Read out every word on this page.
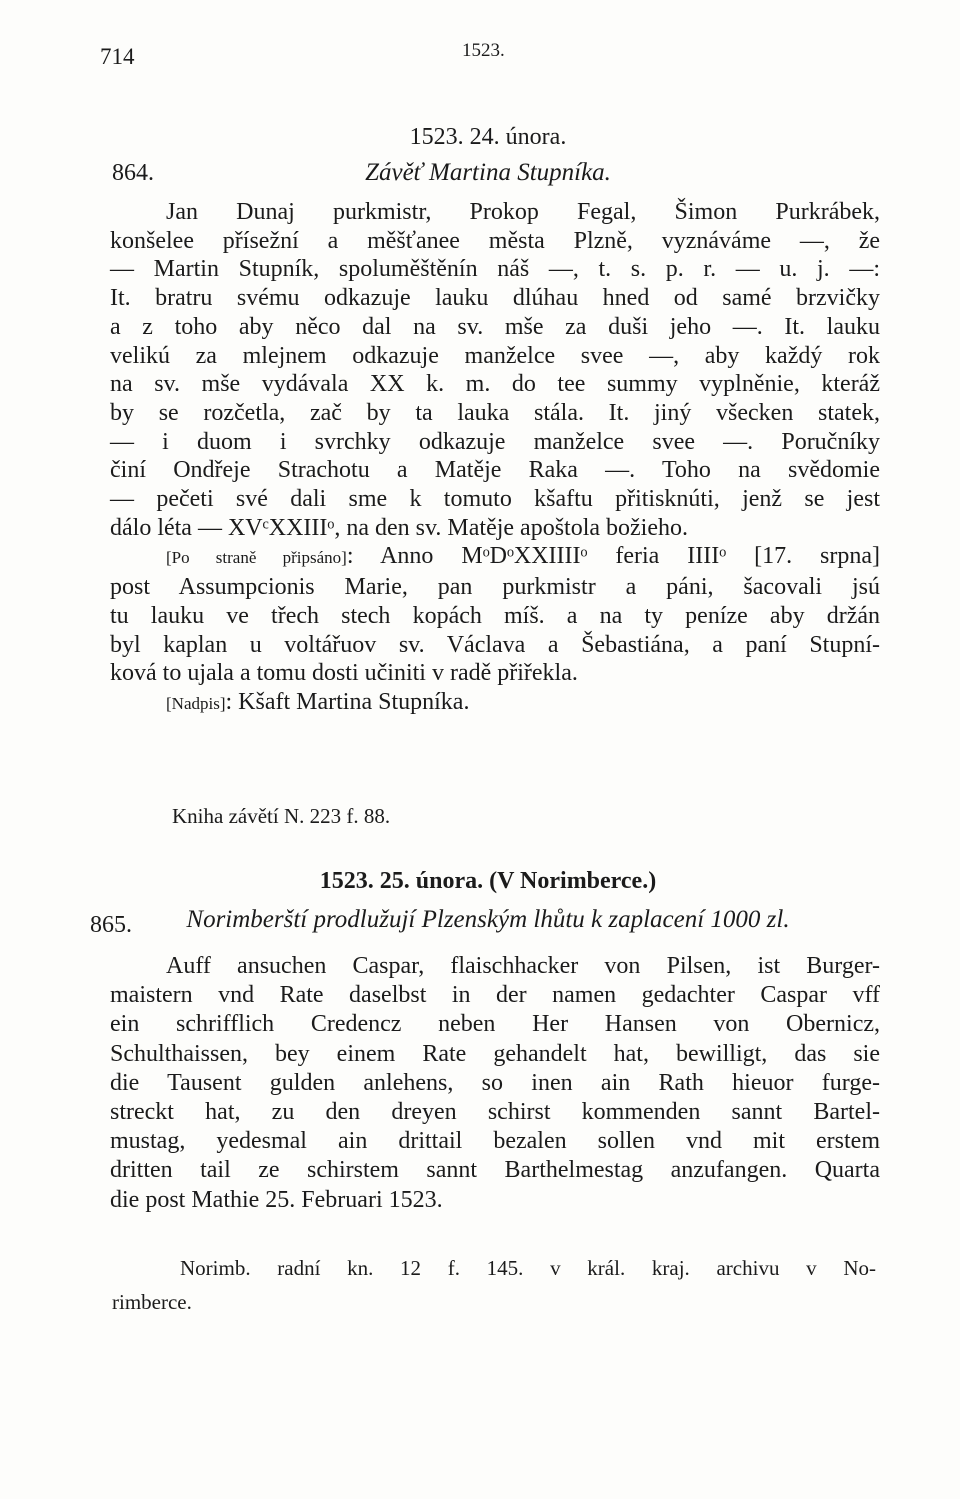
714	1523.
1523. 24. února.
864.	Závěť Martina Stupníka.
Jan Dunaj purkmistr, Prokop Fegal, Šimon Purkrábek,
konšelee přísežní a měšťanee města Plzně, vyznáváme —, že
— Martin Stupník, spoluměštěnín náš —, t. s. p. r. — u. j. —:
It. bratru svému odkazuje lauku dlúhau hned od samé brzvičky
a z toho aby něco dal na sv. mše za duši jeho —. It. lauku
velikú za mlejnem odkazuje manželce svee —, aby každý rok
na sv. mše vydávala XX k. m. do tee summy vyplněnie, kteráž
by se rozčetla, zač by ta lauka stála. It. jiný všecken statek,
— i duom i svrchky odkazuje manželce svee —. Poručníky
činí Ondřeje Strachotu a Matěje Raka —. Toho na svědomie
— pečeti své dali sme k tomuto kšaftu přitisknúti, jenž se jest
dálo léta — XVᶜXXIIIᵒ, na den sv. Matěje apoštola božieho.
[Po straně připsáno]: Anno MᵒDᵒXXIIIIᵒ feria IIIIᵒ [17. srpna]
post Assumpcionis Marie, pan purkmistr a páni, šacovali jsú
tu lauku ve třech stech kopách míš. a na ty peníze aby držán
byl kaplan u voltářuov sv. Václava a Šebastiána, a paní Stupní-
ková to ujala a tomu dosti učiniti v radě přiřekla.
[Nadpis]: Kšaft Martina Stupníka.
Kniha závětí N. 223 f. 88.
1523. 25. února. (V Norimberce.)
865.	Norimberští prodlužují Plzenským lhůtu k zaplacení 1000 zl.
Auff ansuchen Caspar, flaischhacker von Pilsen, ist Burger-
maistern vnd Rate daselbst in der namen gedachter Caspar vff
ein schrifflich Credencz neben Her Hansen von Obernicz,
Schulthaissen, bey einem Rate gehandelt hat, bewilligt, das sie
die Tausent gulden anlehens, so inen ain Rath hieuor furge-
streckt hat, zu den dreyen schirst kommenden sannt Bartel-
mustag, yedesmal ain drittail bezalen sollen vnd mit erstem
dritten tail ze schirstem sannt Barthelmestag anzufangen. Quarta
die post Mathie 25. Februari 1523.
Norimb. radní kn. 12 f. 145. v král. kraj. archivu v No-
rimberce.
